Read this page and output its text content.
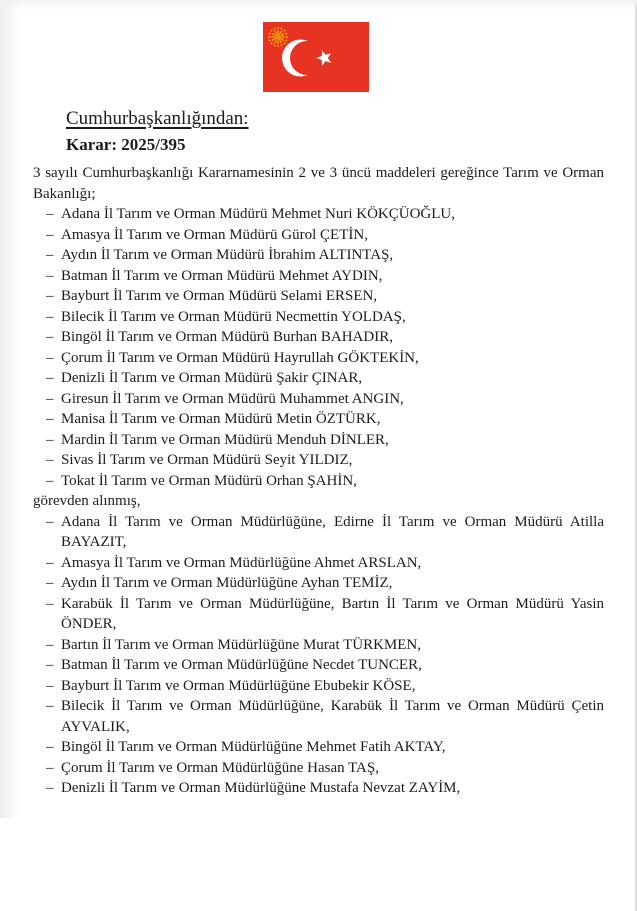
Cumhurbaşkanlığından:
Karar: 2025/395

3 sayılı Cumhurbaşkanlığı Kararnamesinin 2 ve 3 üncü maddeleri gereğince Tarım ve Orman Bakanlığı;

– Adana İl Tarım ve Orman Müdürü Mehmet Nuri KÖKÇÜOĞLU,
– Amasya İl Tarım ve Orman Müdürü Gürol ÇETİN,
– Aydın İl Tarım ve Orman Müdürü İbrahim ALTINTAŞ,
– Batman İl Tarım ve Orman Müdürü Mehmet AYDIN,
– Bayburt İl Tarım ve Orman Müdürü Selami ERSEN,
– Bilecik İl Tarım ve Orman Müdürü Necmettin YOLDAŞ,
– Bingöl İl Tarım ve Orman Müdürü Burhan BAHADIR,
– Çorum İl Tarım ve Orman Müdürü Hayrullah GÖKTEKİN,
– Denizli İl Tarım ve Orman Müdürü Şakir ÇINAR,
– Giresun İl Tarım ve Orman Müdürü Muhammet ANGIN,
– Manisa İl Tarım ve Orman Müdürü Metin ÖZTÜRK,
– Mardin İl Tarım ve Orman Müdürü Menduh DİNLER,
– Sivas İl Tarım ve Orman Müdürü Seyit YILDIZ,
– Tokat İl Tarım ve Orman Müdürü Orhan ŞAHİN,

görevden alınmış,

– Adana İl Tarım ve Orman Müdürlüğüne, Edirne İl Tarım ve Orman Müdürü Atilla BAYAZIT,
– Amasya İl Tarım ve Orman Müdürlüğüne Ahmet ARSLAN,
– Aydın İl Tarım ve Orman Müdürlüğüne Ayhan TEMİZ,
– Karabük İl Tarım ve Orman Müdürlüğüne, Bartın İl Tarım ve Orman Müdürü Yasin ÖNDER,
– Bartın İl Tarım ve Orman Müdürlüğüne Murat TÜRKMEN,
– Batman İl Tarım ve Orman Müdürlüğüne Necdet TUNCER,
– Bayburt İl Tarım ve Orman Müdürlüğüne Ebubekir KÖSE,
– Bilecik İl Tarım ve Orman Müdürlüğüne, Karabük İl Tarım ve Orman Müdürü Çetin AYVALIK,
– Bingöl İl Tarım ve Orman Müdürlüğüne Mehmet Fatih AKTAY,
– Çorum İl Tarım ve Orman Müdürlüğüne Hasan TAŞ,
– Denizli İl Tarım ve Orman Müdürlüğüne Mustafa Nevzat ZAYİM,
